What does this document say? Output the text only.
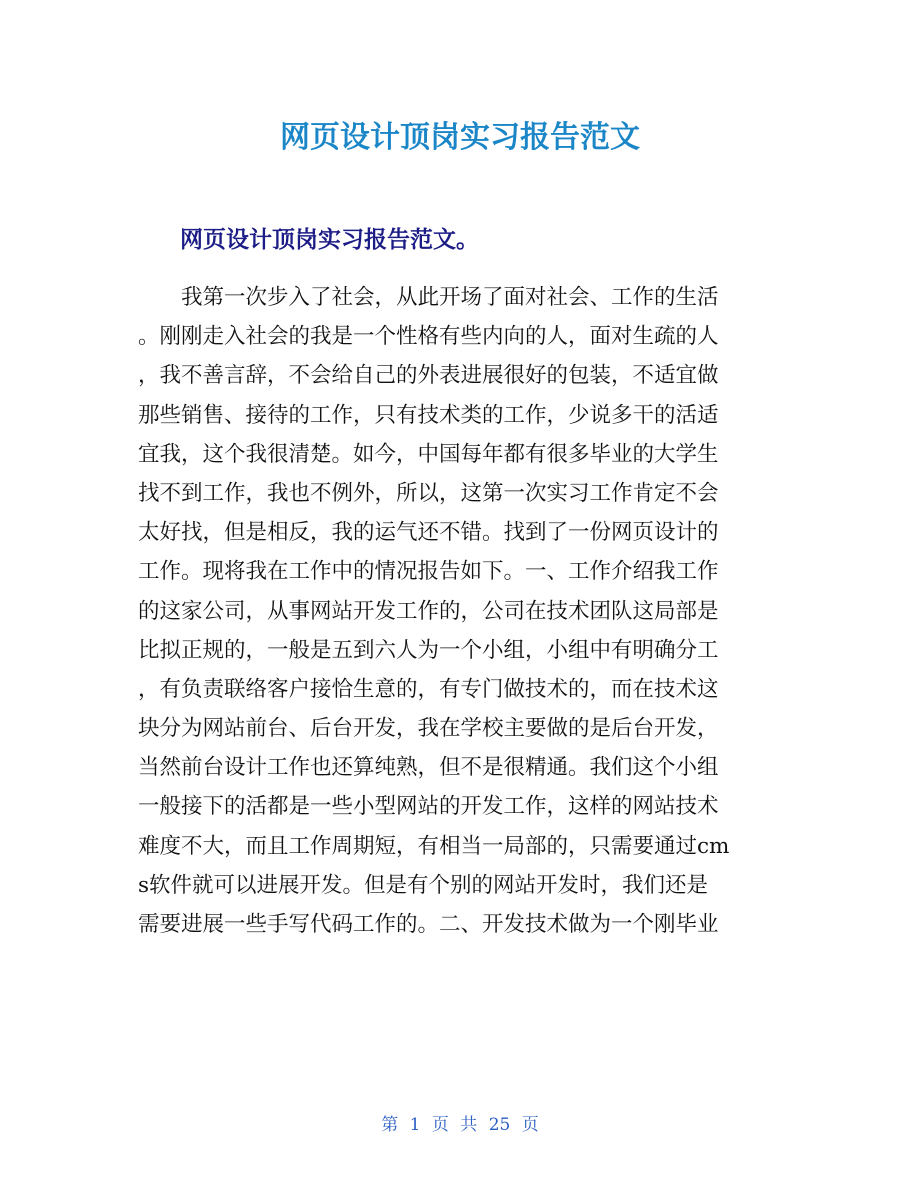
网页设计顶岗实习报告范文
网页设计顶岗实习报告范文。
　　我第一次步入了社会，从此开场了面对社会、工作的生活
。刚刚走入社会的我是一个性格有些内向的人，面对生疏的人
，我不善言辞，不会给自己的外表进展很好的包装，不适宜做
那些销售、接待的工作，只有技术类的工作，少说多干的活适
宜我，这个我很清楚。如今，中国每年都有很多毕业的大学生
找不到工作，我也不例外，所以，这第一次实习工作肯定不会
太好找，但是相反，我的运气还不错。找到了一份网页设计的
工作。现将我在工作中的情况报告如下。一、工作介绍我工作
的这家公司，从事网站开发工作的，公司在技术团队这局部是
比拟正规的，一般是五到六人为一个小组，小组中有明确分工
，有负责联络客户接恰生意的，有专门做技术的，而在技术这
块分为网站前台、后台开发，我在学校主要做的是后台开发，
当然前台设计工作也还算纯熟，但不是很精通。我们这个小组
一般接下的活都是一些小型网站的开发工作，这样的网站技术
难度不大，而且工作周期短，有相当一局部的，只需要通过cm
s软件就可以进展开发。但是有个别的网站开发时，我们还是
需要进展一些手写代码工作的。二、开发技术做为一个刚毕业
第 1 页 共 25 页
